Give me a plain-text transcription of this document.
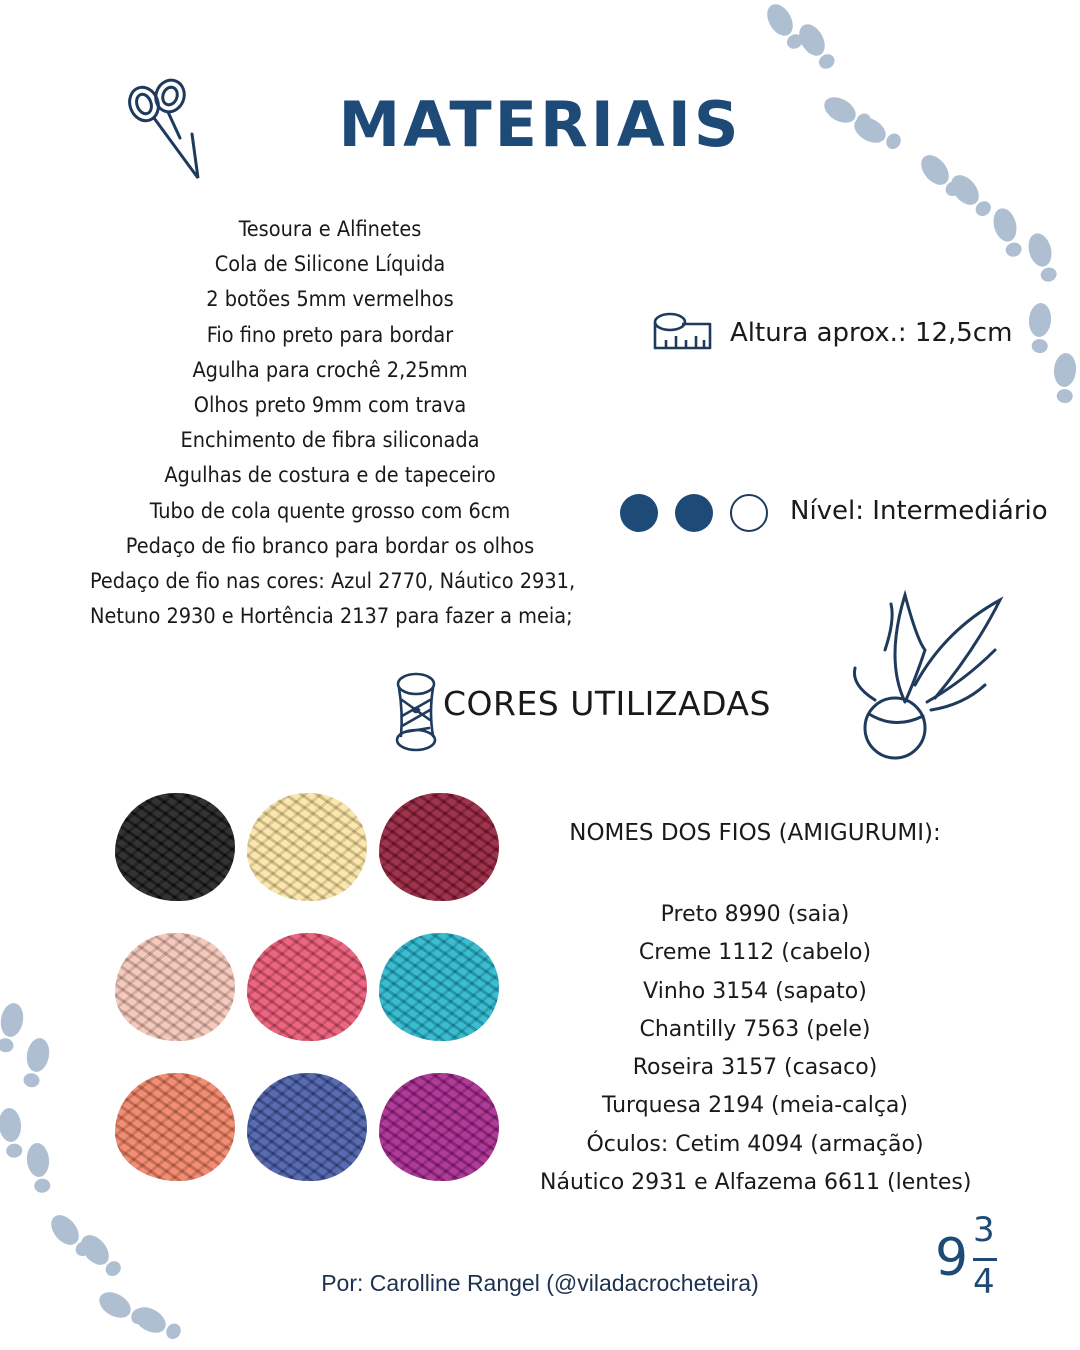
MATERIAIS
Tesoura e Alfinetes
Cola de Silicone Líquida
2 botões 5mm vermelhos
Fio fino preto para bordar
Agulha para crochê 2,25mm
Olhos preto 9mm com trava
Enchimento de fibra siliconada
Agulhas de costura e de tapeceiro
Tubo de cola quente grosso com 6cm
Pedaço de fio branco para bordar os olhos
Pedaço de fio nas cores: Azul 2770, Náutico 2931,
Netuno 2930 e Hortência 2137 para fazer a meia;
Altura aprox.: 12,5cm
Nível: Intermediário
CORES UTILIZADAS
NOMES DOS FIOS (AMIGURUMI):
Preto 8990 (saia)
Creme 1112 (cabelo)
Vinho 3154 (sapato)
Chantilly 7563 (pele)
Roseira 3157 (casaco)
Turquesa 2194 (meia-calça)
Óculos: Cetim 4094 (armação)
Náutico 2931 e Alfazema 6611 (lentes)
9 3
4
Por: Carolline Rangel (@viladacrocheteira)
